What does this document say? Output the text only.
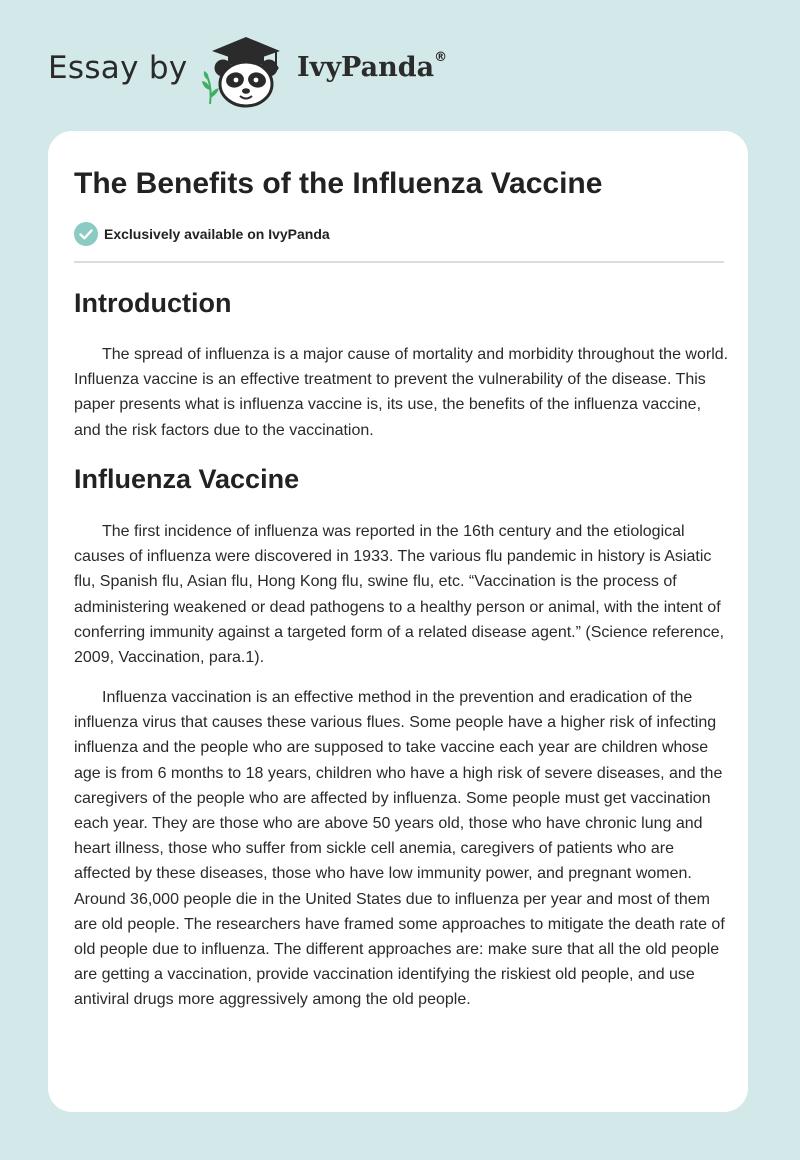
Essay by	IvyPanda®
The Benefits of the Influenza Vaccine
Exclusively available on IvyPanda
Introduction

The spread of influenza is a major cause of mortality and morbidity throughout the world. Influenza vaccine is an effective treatment to prevent the vulnerability of the disease. This paper presents what is influenza vaccine is, its use, the benefits of the influenza vaccine, and the risk factors due to the vaccination.

Influenza Vaccine

The first incidence of influenza was reported in the 16th century and the etiological causes of influenza were discovered in 1933. The various flu pandemic in history is Asiatic flu, Spanish flu, Asian flu, Hong Kong flu, swine flu, etc. “Vaccination is the process of administering weakened or dead pathogens to a healthy person or animal, with the intent of conferring immunity against a targeted form of a related disease agent.” (Science reference, 2009, Vaccination, para.1).

Influenza vaccination is an effective method in the prevention and eradication of the influenza virus that causes these various flues. Some people have a higher risk of infecting influenza and the people who are supposed to take vaccine each year are children whose age is from 6 months to 18 years, children who have a high risk of severe diseases, and the caregivers of the people who are affected by influenza. Some people must get vaccination each year. They are those who are above 50 years old, those who have chronic lung and heart illness, those who suffer from sickle cell anemia, caregivers of patients who are affected by these diseases, those who have low immunity power, and pregnant women. Around 36,000 people die in the United States due to influenza per year and most of them are old people. The researchers have framed some approaches to mitigate the death rate of old people due to influenza. The different approaches are: make sure that all the old people are getting a vaccination, provide vaccination identifying the riskiest old people, and use antiviral drugs more aggressively among the old people.
